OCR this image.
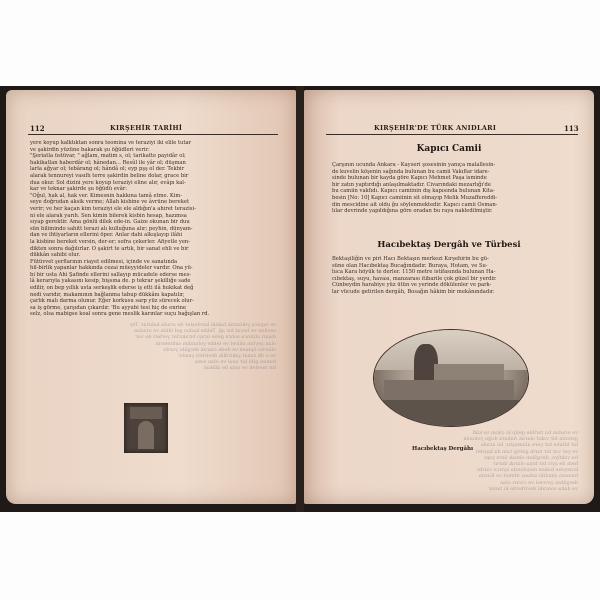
112	KIRŞEHİR TARİHİ

yere koyup kalktıktan sonra teomina ve teraziyi iki elile tutar

ve şakirdin yüzüne bakarak şu öğüdleri verir:

"Şeriatla üstüvar, " ağlam, matim s, ol; tarikatte payidâr ol;

hakikatlan haberdâr ol; hânedan... Resûl ile yâr ol; düşman

larla ağyar ol; tebârang ol; hândâ ol; eyp pşş ol der. Tekbir

alarak tennureyi vasıflı terre şakirdin beline dolar, grace bir

dua okur. Sol dizini yere koyup teraziyi eline alır, evâpı kal-

kar ve teknar şakirde şu öğüdü evâr:

"Oğul, hak al, hak ver. Kimesnin hakkına tamâ etme. Kim-

seye doğrudan aksik verme; Allah kisbine ve âvrüne bereket

verir; ve her kaçan kim teraziyi ele ele aldığın'a ahiret terazisi-

ni ele alarak yarıh. Sen kimin bilerek kisbin hesap, hazımsa

sıyap gerektir. Ama gönlü dilek ede-in. Gaize okunan bir duu

sün bilimindo sahitt terazi alı kulluğuna alır; peyhin, dünyam-

dan ve ihtiyarların ellerini öper. Anlar dahi alkışlayıp ilâhi

la kisbine bereket versin, der-er; sofra çekerler. Afiyetle yen-

dikten sonra dağılırlar. O şakirt te artık, bir sanat ehli ve bir

dükkân sahibi olur.

Fütüvvet şerflarının riayet edilmesi, içinde ve sanatında

hil-birlik yapanlar hakkında cezai müeyyideler vardır. Ona yü-

bi bir usta Ahi Şafinde ellerini sallayıp mücadele ederse mes-

lâ kerarıyla yakasını kesip, bişsına de. p tekrar şekilliğe sade

edilir, on bep yıllık usta serkeşlik ederse iş etti ilâ hukikat değ

nedi varıdır, makamının bağlanma tabup dükkânı kapatılır,

çarlık malı darma olunur. Eğer korkusu sarp yüz sürecek olur-

sa iş görme, çarşıdan çıkarılır. 'Bu ayyubi tesi hiç de enrine

selz, olsa mabigse koal sonra gene meslik karınlar suçu bağışlan rd.

ve topuca yıkılarak hakiki kardeşler de orada kalırlar. Tey

sevilen ve hayat bir ağ. Tekke kadısı gel ölüm ve oradan

dışarı atılınca sonra gene orayı bırakırlar yerleri de var

olan şeyhin ahiret ve tekke yolundan sahtelerin

ellerini öpmek ve dede olarak dergâhı yurdu

ve o ilk sanat şakirdlik devirleri yazılır

bunun gibi bir usul ve olan sona

bir meslek ve usta ile alâkalı

KIRŞEHİR'DE TÜRK ANIDLARI	113
Kapıcı Camii

Çarşının ucunda Ankara - Kayseri şosesinin yanıça malallesin-

de kuvelin köşenin sağında bulunan bu camii Vakıflar idare-

sinde bulunan bir kayda göre Kapıcı Mehmet Paşa isminde

bir zatın yaptırdığı anlaşılmaktadır. Civarındaki mezarlığı'de

bu camiin vakfıdı. Kapıcı camiinin dış kapısında bulunan Kita-

besin [No: 10] Kapıcı camiinin sit olmayıp Melik Muzaffereddi-

din mescidine ait oldu ğu söylenmektedir. Kapıcı camii Osman-

lılar devrinde yapıldığına göre oradan bu raya nakledilmiştir.

Hacıbektaş Dergâh ve Türbesi

Bektaşiliğin ve piri Hacı Bektaşın merkezi Kırşehirin bu gü-

süne olan Hacıbektaş Bucağındadır. Buraya, Hotam, ve Su-

luca Kara höyük te derler. 1150 metre istifasında bulunan Ha-

cıbektaş, suyu, havası, manzarası itibarile çok güzel bir yerdir.

Cünbeydin harabiye yüz ütün ve yerinde dökülenler ve park-

lar vücude getirilen dergâh, Bosağın hâkim bir mekânındadır.

Hacıbektaş Dergâhı

ve oradan bu tarihle gelip ki çıkan ve kâfi

gelenin bir vakıf olarak Ankara doğu yolunda

bir kitabe bir yere alınmıştır, bu arada

ve yer var bir tarih görüp tam da kaydet

bu vakfiye, dergâhın olmak üzre yapı

hem de ayrı bir bina olarak durur

kuzeyine bakan meydanda ayrıca vardır

binanın şimdiki sahası Ahmet ve Kasım

dergâhın çevresi ve civarı olan

ve daha sonraki devirlerde ki tamir
